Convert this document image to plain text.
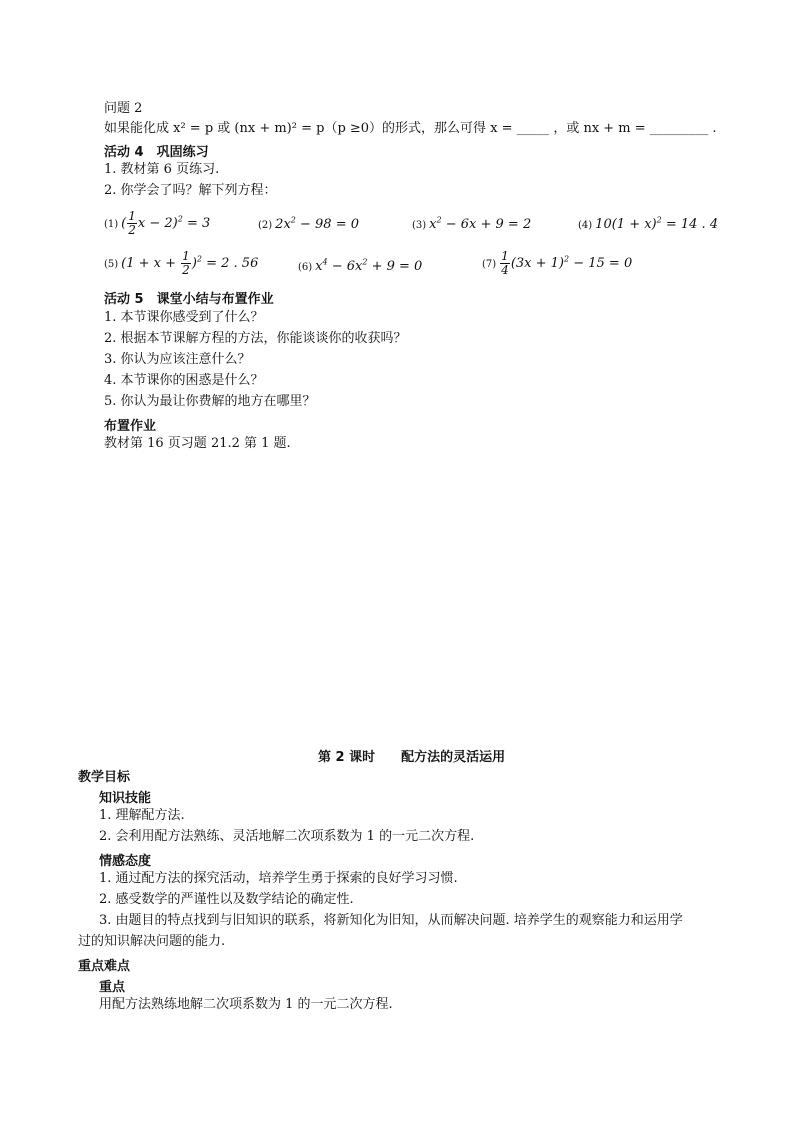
问题 2
如果能化成 x² = p 或 (nx + m)² = p（p ≥0）的形式，那么可得 x = _____ ，或 nx + m = _________ .
活动 4　巩固练习
1. 教材第 6 页练习.
2. 你学会了吗？解下列方程：
(1) ( $\frac{1}{2}$ x − 2)$^2$ = 3	(2) $2x^2 - 98 = 0$	(3) $x^2 - 6x + 9 = 2$	(4) $10(1 + x)^2 = 14$ . 4
(5) $(1 + x + \frac{1}{2} )^2 = 2$ . 56	(6) $x^4 - 6x^2 + 9 = 0$	$(7) \frac{1}{4} (3x + 1)^2 - 15 = 0$
活动 5　课堂小结与布置作业
1. 本节课你感受到了什么？
2. 根据本节课解方程的方法，你能谈谈你的收获吗？
3. 你认为应该注意什么？
4. 本节课你的困惑是什么？
5. 你认为最让你费解的地方在哪里？
布置作业
教材第 16 页习题 21.2 第 1 题.
第 2 课时　　配方法的灵活运用
教学目标
知识技能
1. 理解配方法.
2. 会利用配方法熟练、灵活地解二次项系数为 1 的一元二次方程.
情感态度
1. 通过配方法的探究活动，培养学生勇于探索的良好学习习惯.
2. 感受数学的严谨性以及数学结论的确定性.
3. 由题目的特点找到与旧知识的联系，将新知化为旧知，从而解决问题. 培养学生的观察能力和运用学
过的知识解决问题的能力.
重点难点
重点
用配方法熟练地解二次项系数为 1 的一元二次方程.
